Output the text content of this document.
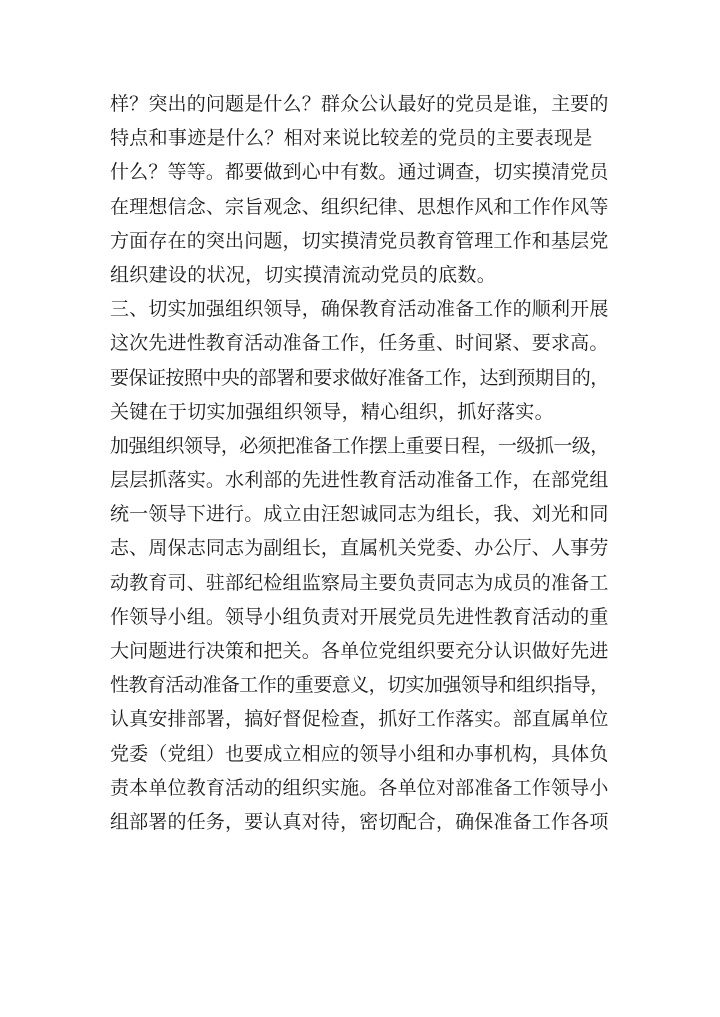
样？突出的问题是什么？群众公认最好的党员是谁，主要的
特点和事迹是什么？相对来说比较差的党员的主要表现是
什么？等等。都要做到心中有数。通过调查，切实摸清党员
在理想信念、宗旨观念、组织纪律、思想作风和工作作风等
方面存在的突出问题，切实摸清党员教育管理工作和基层党
组织建设的状况，切实摸清流动党员的底数。
三、切实加强组织领导，确保教育活动准备工作的顺利开展
这次先进性教育活动准备工作，任务重、时间紧、要求高。
要保证按照中央的部署和要求做好准备工作，达到预期目的，
关键在于切实加强组织领导，精心组织，抓好落实。
加强组织领导，必须把准备工作摆上重要日程，一级抓一级，
层层抓落实。水利部的先进性教育活动准备工作，在部党组
统一领导下进行。成立由汪恕诚同志为组长，我、刘光和同
志、周保志同志为副组长，直属机关党委、办公厅、人事劳
动教育司、驻部纪检组监察局主要负责同志为成员的准备工
作领导小组。领导小组负责对开展党员先进性教育活动的重
大问题进行决策和把关。各单位党组织要充分认识做好先进
性教育活动准备工作的重要意义，切实加强领导和组织指导，
认真安排部署，搞好督促检查，抓好工作落实。部直属单位
党委（党组）也要成立相应的领导小组和办事机构，具体负
责本单位教育活动的组织实施。各单位对部准备工作领导小
组部署的任务，要认真对待，密切配合，确保准备工作各项
